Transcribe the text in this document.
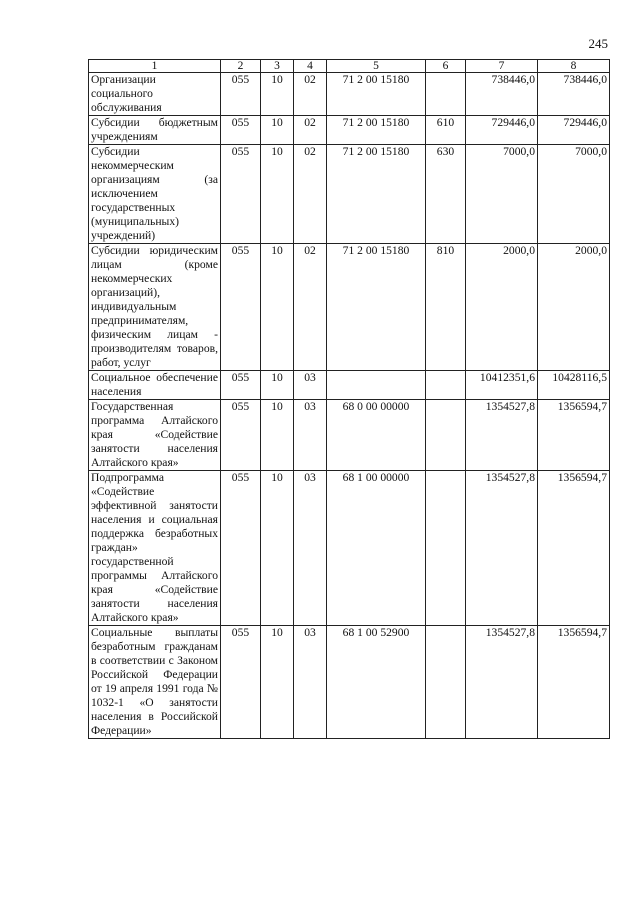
245
1	2	3	4	5	6	7	8
Организации социального обслуживания	055	10	02	71 2 00 15180		738446,0	738446,0
Субсидии бюджетным учреждениям	055	10	02	71 2 00 15180	610	729446,0	729446,0
Субсидии некоммерческим организациям (за исключением государственных (муниципальных) учреждений)	055	10	02	71 2 00 15180	630	7000,0	7000,0
Субсидии юридическим лицам (кроме некоммерческих организаций), индивидуальным предпринимателям, физическим лицам - производителям товаров, работ, услуг	055	10	02	71 2 00 15180	810	2000,0	2000,0
Социальное обеспечение населения	055	10	03			10412351,6	10428116,5
Государственная программа Алтайского края «Содействие занятости населения Алтайского края»	055	10	03	68 0 00 00000		1354527,8	1356594,7
Подпрограмма «Содействие эффективной занятости населения и социальная поддержка безработных граждан» государственной программы Алтайского края «Содействие занятости населения Алтайского края»	055	10	03	68 1 00 00000		1354527,8	1356594,7
Социальные выплаты безработным гражданам в соответствии с Законом Российской Федерации от 19 апреля 1991 года № 1032-1 «О занятости населения в Российской Федерации»	055	10	03	68 1 00 52900		1354527,8	1356594,7
